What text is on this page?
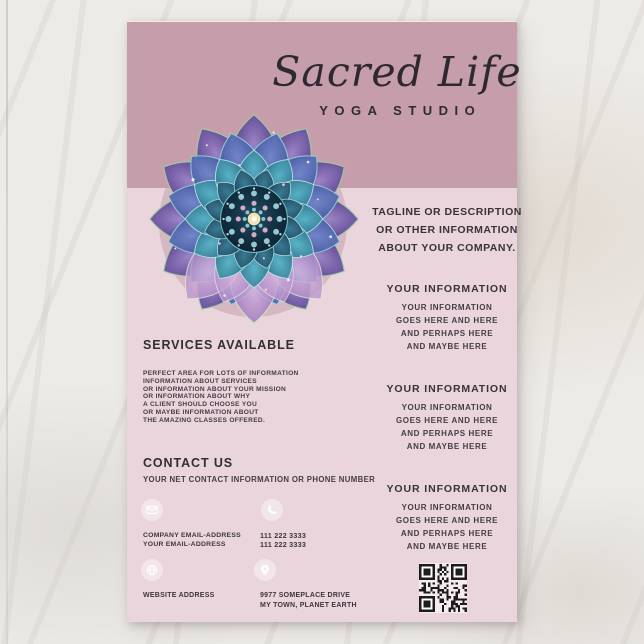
Sacred Life
YOGA STUDIO
TAGLINE OR DESCRIPTION
OR OTHER INFORMATION
ABOUT YOUR COMPANY.
YOUR INFORMATION
YOUR INFORMATION
GOES HERE AND HERE
AND PERHAPS HERE
AND MAYBE HERE
YOUR INFORMATION
YOUR INFORMATION
GOES HERE AND HERE
AND PERHAPS HERE
AND MAYBE HERE
YOUR INFORMATION
YOUR INFORMATION
GOES HERE AND HERE
AND PERHAPS HERE
AND MAYBE HERE
SERVICES AVAILABLE
PERFECT AREA FOR LOTS OF INFORMATION
INFORMATION ABOUT SERVICES
OR INFORMATION ABOUT YOUR MISSION
OR INFORMATION ABOUT WHY
A CLIENT SHOULD CHOOSE YOU
OR MAYBE INFORMATION ABOUT
THE AMAZING CLASSES OFFERED.
CONTACT US
YOUR NET CONTACT INFORMATION OR PHONE NUMBER
COMPANY EMAIL-ADDRESS
YOUR EMAIL-ADDRESS
111 222 3333
111 222 3333
WEBSITE ADDRESS	9977 SOMEPLACE DRIVE
MY TOWN, PLANET EARTH
